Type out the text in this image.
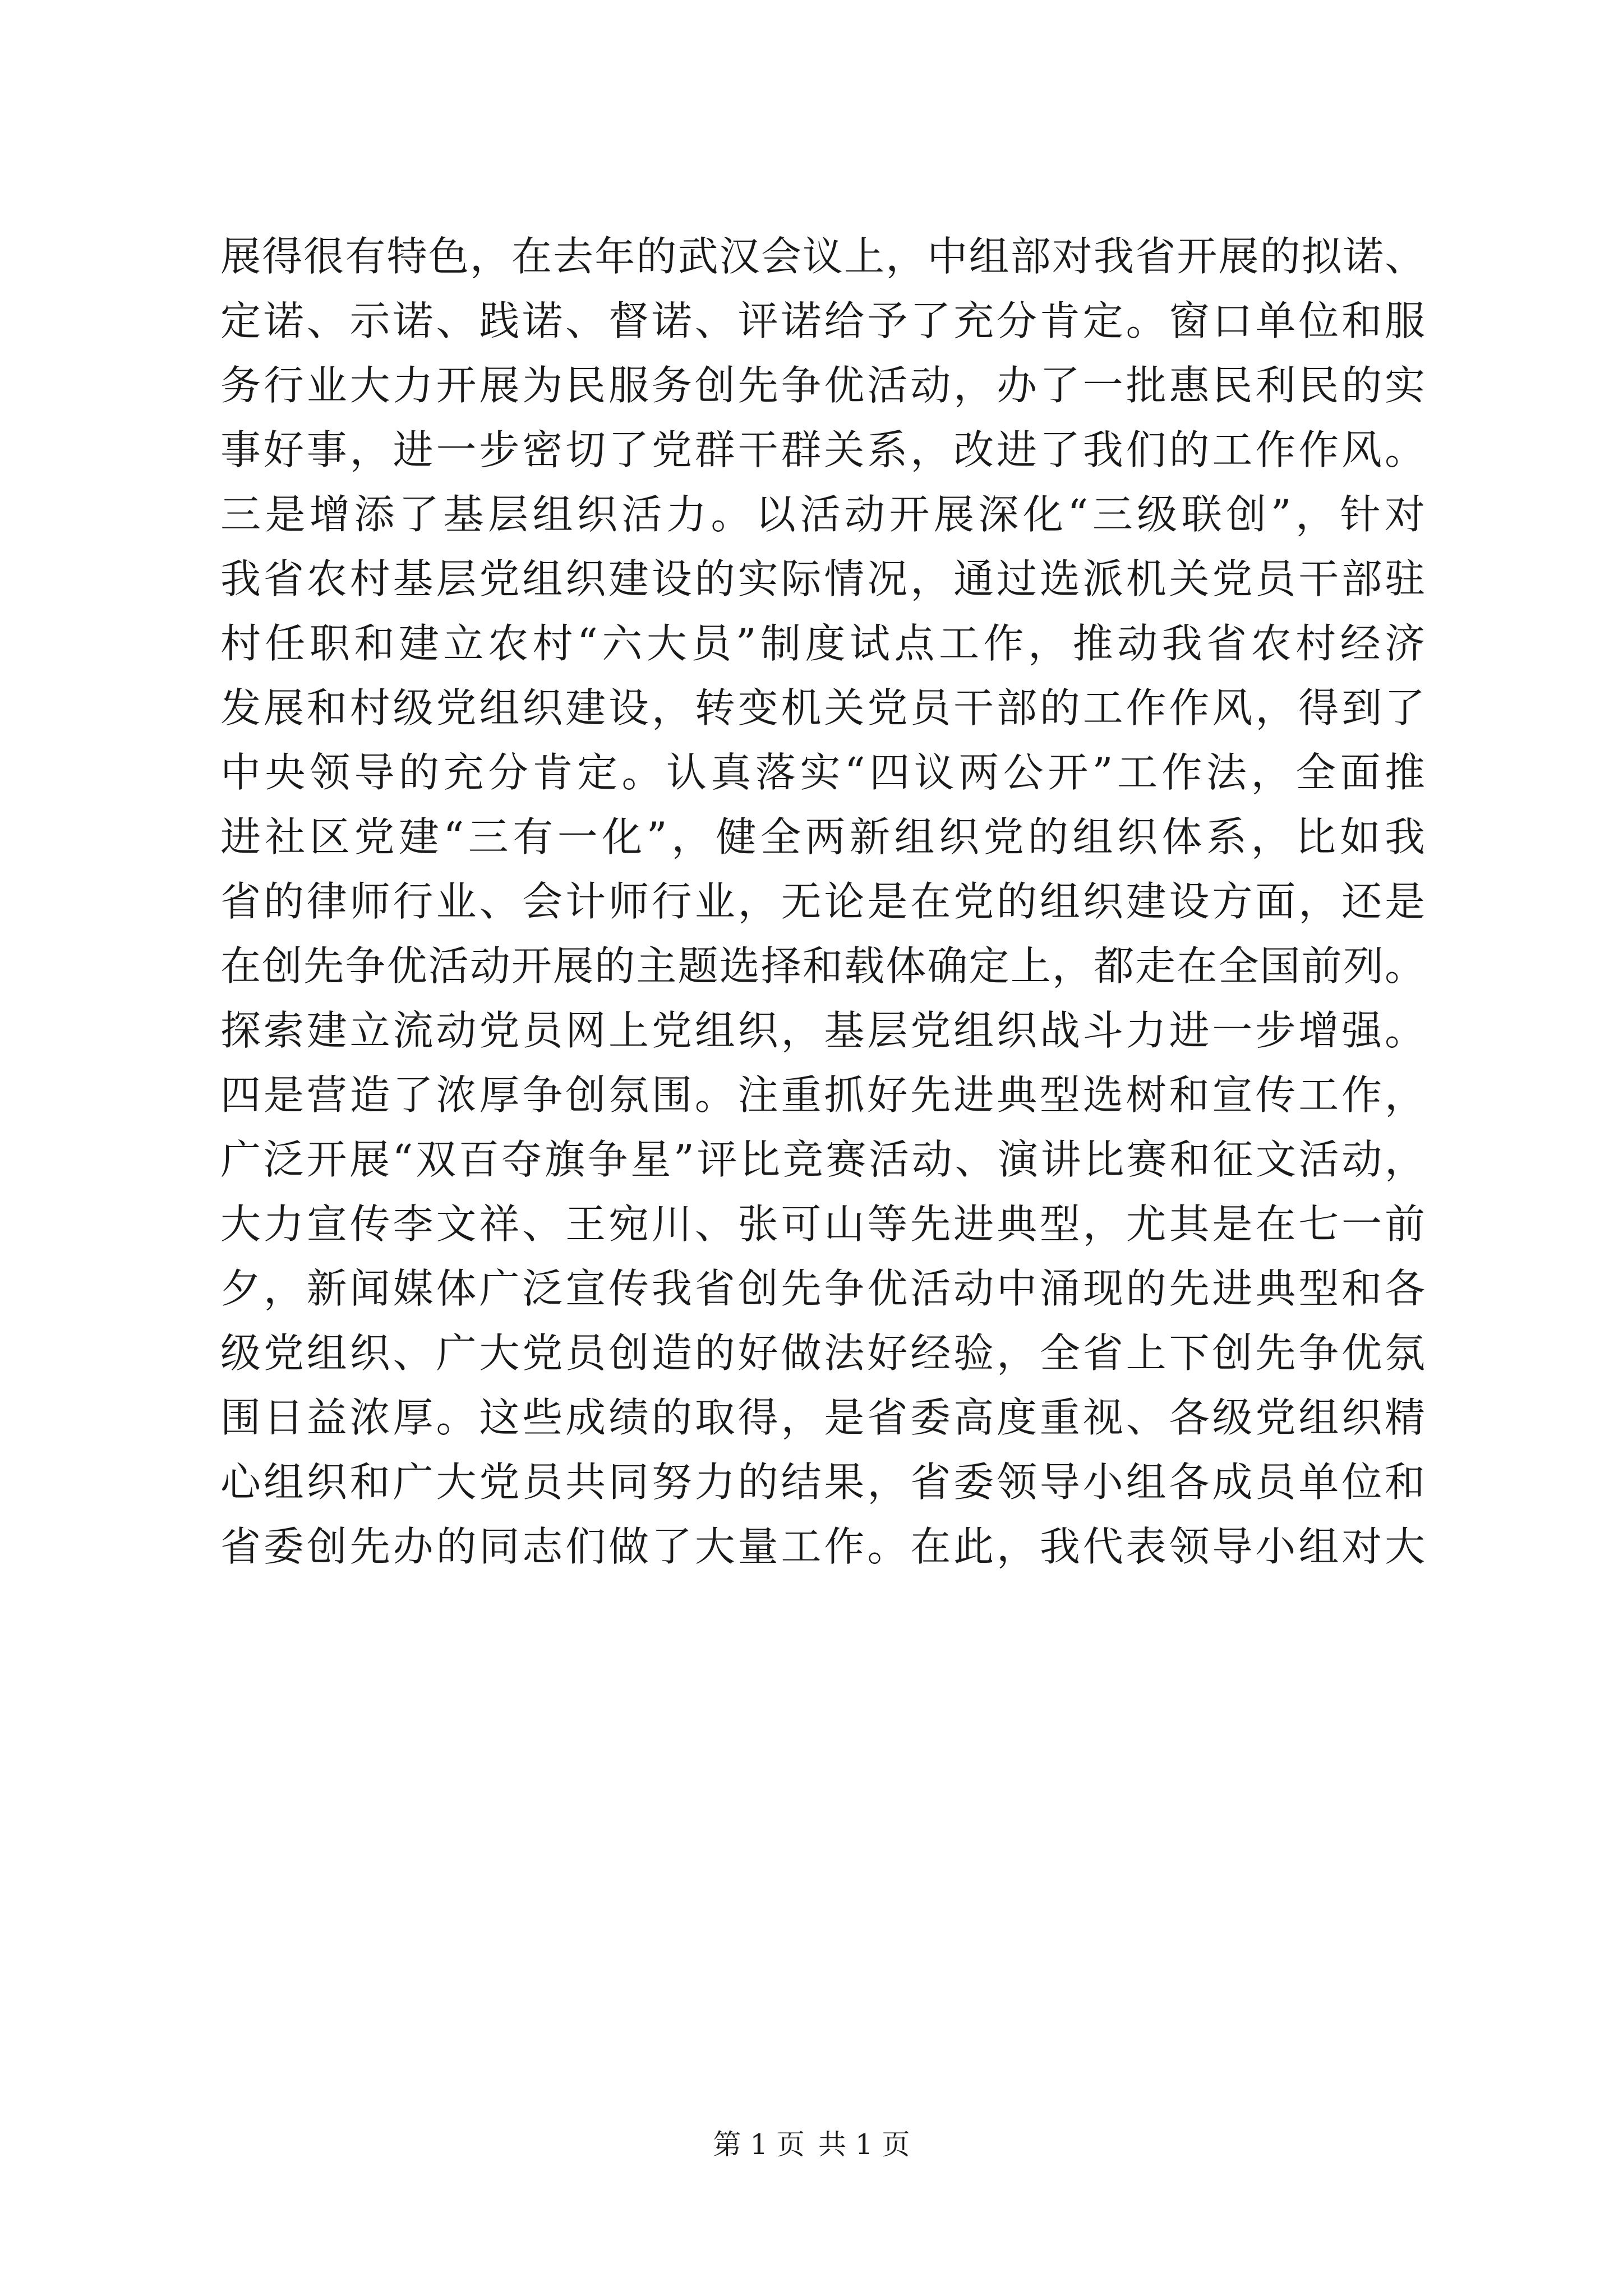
展得很有特色，在去年的武汉会议上，中组部对我省开展的拟诺、
定诺、示诺、践诺、督诺、评诺给予了充分肯定。窗口单位和服
务行业大力开展为民服务创先争优活动，办了一批惠民利民的实
事好事，进一步密切了党群干群关系，改进了我们的工作作风。
三是增添了基层组织活力。以活动开展深化“三级联创”，针对
我省农村基层党组织建设的实际情况，通过选派机关党员干部驻
村任职和建立农村“六大员”制度试点工作，推动我省农村经济
发展和村级党组织建设，转变机关党员干部的工作作风，得到了
中央领导的充分肯定。认真落实“四议两公开”工作法，全面推
进社区党建“三有一化”，健全两新组织党的组织体系，比如我
省的律师行业、会计师行业，无论是在党的组织建设方面，还是
在创先争优活动开展的主题选择和载体确定上，都走在全国前列。
探索建立流动党员网上党组织，基层党组织战斗力进一步增强。
四是营造了浓厚争创氛围。注重抓好先进典型选树和宣传工作，
广泛开展“双百夺旗争星”评比竞赛活动、演讲比赛和征文活动，
大力宣传李文祥、王宛川、张可山等先进典型，尤其是在七一前
夕，新闻媒体广泛宣传我省创先争优活动中涌现的先进典型和各
级党组织、广大党员创造的好做法好经验，全省上下创先争优氛
围日益浓厚。这些成绩的取得，是省委高度重视、各级党组织精
心组织和广大党员共同努力的结果，省委领导小组各成员单位和
省委创先办的同志们做了大量工作。在此，我代表领导小组对大
第 1 页 共 1 页
